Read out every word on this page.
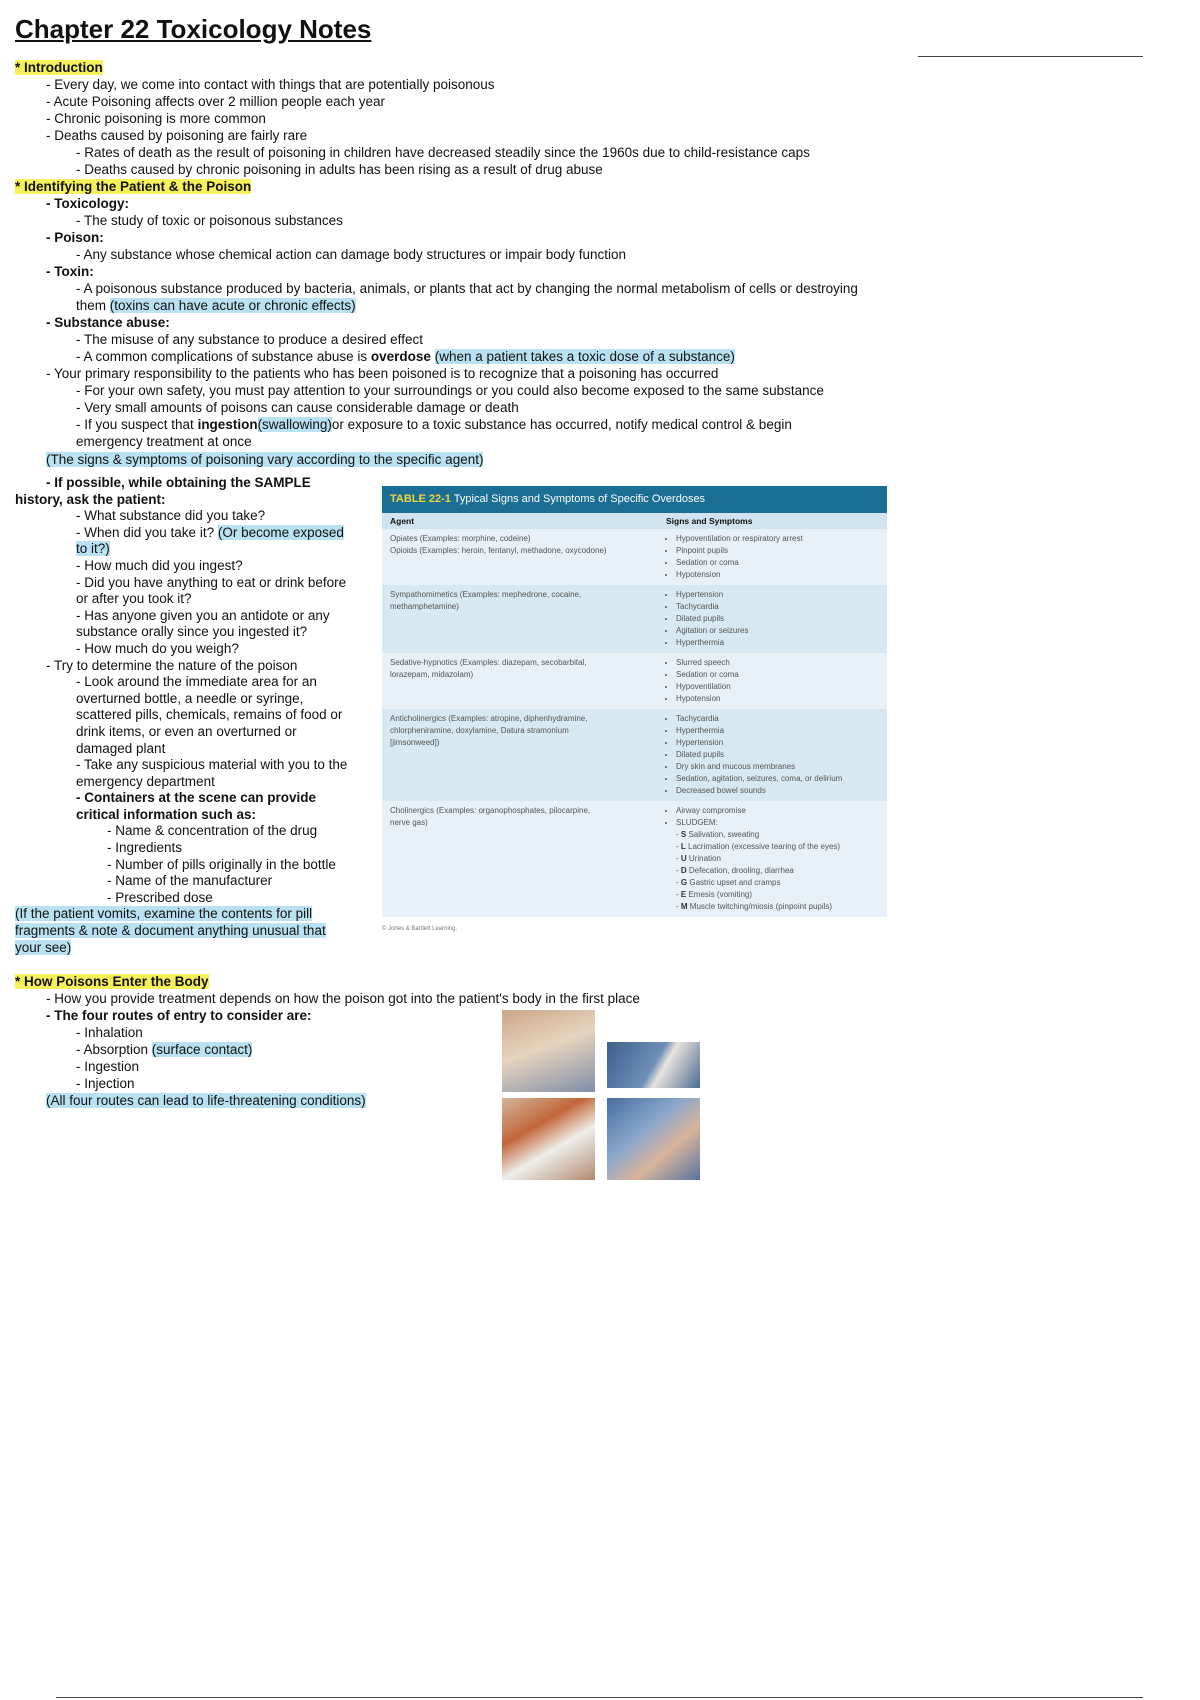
Chapter 22 Toxicology Notes
* Introduction
- Every day, we come into contact with things that are potentially poisonous
- Acute Poisoning affects over 2 million people each year
- Chronic poisoning is more common
- Deaths caused by poisoning are fairly rare
- Rates of death as the result of poisoning in children have decreased steadily since the 1960s due to child-resistance caps
- Deaths caused by chronic poisoning in adults has been rising as a result of drug abuse
* Identifying the Patient & the Poison
- Toxicology:
- The study of toxic or poisonous substances
- Poison:
- Any substance whose chemical action can damage body structures or impair body function
- Toxin:
- A poisonous substance produced by bacteria, animals, or plants that act by changing the normal metabolism of cells or destroying them (toxins can have acute or chronic effects)
- Substance abuse:
- The misuse of any substance to produce a desired effect
- A common complications of substance abuse is overdose (when a patient takes a toxic dose of a substance)
- Your primary responsibility to the patients who has been poisoned is to recognize that a poisoning has occurred
- For your own safety, you must pay attention to your surroundings or you could also become exposed to the same substance
- Very small amounts of poisons can cause considerable damage or death
- If you suspect that ingestion(swallowing)or exposure to a toxic substance has occurred, notify medical control & begin
emergency treatment at once
(The signs & symptoms of poisoning vary according to the specific agent)
- If possible, while obtaining the SAMPLE
history, ask the patient:
- What substance did you take?
- When did you take it? (Or become exposed
to it?)
- How much did you ingest?
- Did you have anything to eat or drink before
or after you took it?
- Has anyone given you an antidote or any
substance orally since you ingested it?
- How much do you weigh?
- Try to determine the nature of the poison
- Look around the immediate area for an
overturned bottle, a needle or syringe,
scattered pills, chemicals, remains of food or
drink items, or even an overturned or
damaged plant
- Take any suspicious material with you to the
emergency department
- Containers at the scene can provide
critical information such as:
- Name & concentration of the drug
- Ingredients
- Number of pills originally in the bottle
- Name of the manufacturer
- Prescribed dose
(If the patient vomits, examine the contents for pill
fragments & note & document anything unusual that
your see)
TABLE 22-1 Typical Signs and Symptoms of Specific Overdoses
Agent	Signs and Symptoms
Opiates (Examples: morphine, codeine)
Opioids (Examples: heroin, fentanyl, methadone, oxycodone)
• Hypoventilation or respiratory arrest
• Pinpoint pupils
• Sedation or coma
• Hypotension
Sympathomimetics (Examples: mephedrone, cocaine,
methamphetamine)
• Hypertension
• Tachycardia
• Dilated pupils
• Agitation or seizures
• Hyperthermia
Sedative-hypnotics (Examples: diazepam, secobarbital,
lorazepam, midazolam)
• Slurred speech
• Sedation or coma
• Hypoventilation
• Hypotension
Anticholinergics (Examples: atropine, diphenhydramine,
chlorpheniramine, doxylamine, Datura stramonium
[jimsonweed])
• Tachycardia
• Hyperthermia
• Hypertension
• Dilated pupils
• Dry skin and mucous membranes
• Sedation, agitation, seizures, coma, or delirium
• Decreased bowel sounds
Cholinergics (Examples: organophosphates, pilocarpine,
nerve gas)
• Airway compromise
• SLUDGEM:
- S Salivation, sweating
- L Lacrimation (excessive tearing of the eyes)
- U Urination
- D Defecation, drooling, diarrhea
- G Gastric upset and cramps
- E Emesis (vomiting)
- M Muscle twitching/miosis (pinpoint pupils)
© Jones & Bartlett Learning.
* How Poisons Enter the Body
- How you provide treatment depends on how the poison got into the patient's body in the first place
- The four routes of entry to consider are:
- Inhalation
- Absorption (surface contact)
- Ingestion
- Injection
(All four routes can lead to life-threatening conditions)
